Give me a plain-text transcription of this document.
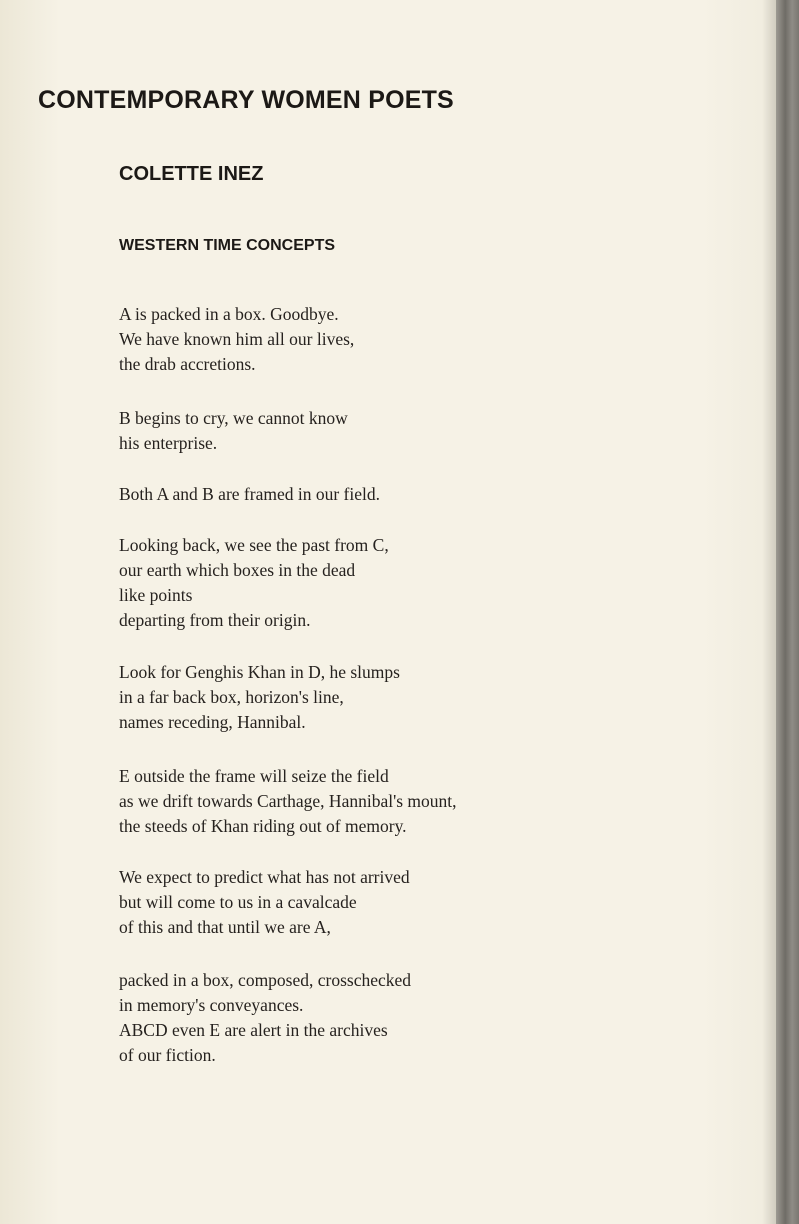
CONTEMPORARY WOMEN POETS
COLETTE INEZ
WESTERN TIME CONCEPTS

A is packed in a box. Goodbye.
We have known him all our lives,
the drab accretions.

B begins to cry, we cannot know
his enterprise.

Both A and B are framed in our field.

Looking back, we see the past from C,
our earth which boxes in the dead
like points
departing from their origin.

Look for Genghis Khan in D, he slumps
in a far back box, horizon's line,
names receding, Hannibal.

E outside the frame will seize the field
as we drift towards Carthage, Hannibal's mount,
the steeds of Khan riding out of memory.

We expect to predict what has not arrived
but will come to us in a cavalcade
of this and that until we are A,

packed in a box, composed, crosschecked
in memory's conveyances.
ABCD even E are alert in the archives
of our fiction.
